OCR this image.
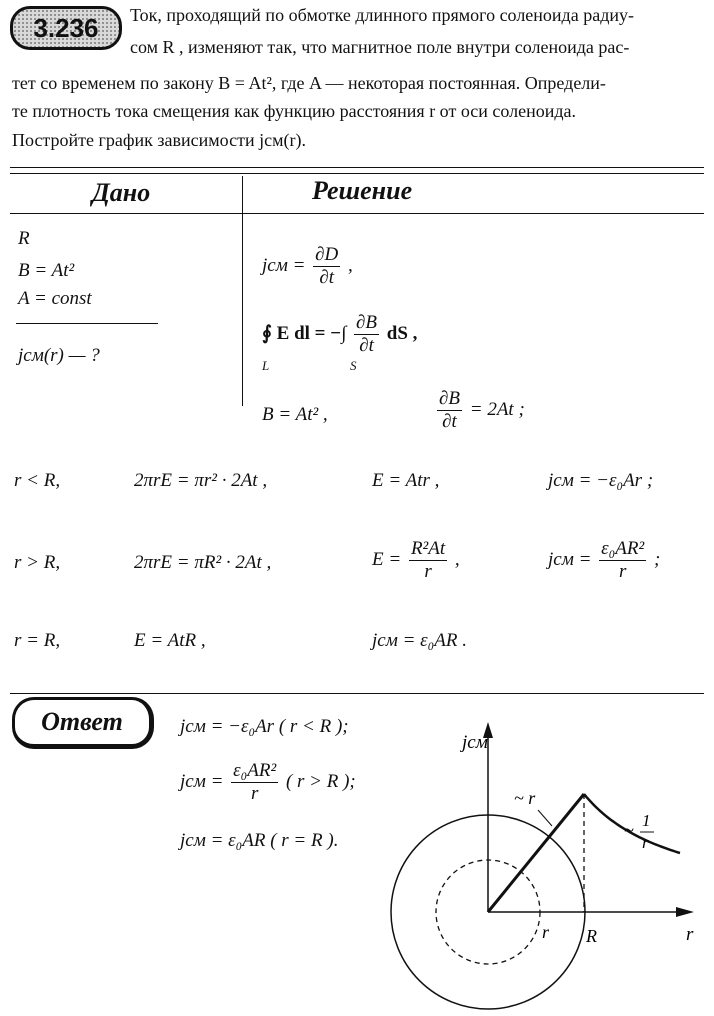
3.236	Ток, проходящий по обмотке длинного прямого соленоида радиу-
сом R , изменяют так, что магнитное поле внутри соленоида рас-
тет со временем по закону B = At², где A — некоторая постоянная. Определи-
те плотность тока смещения как функцию расстояния r от оси соленоида.
Постройте график зависимости jсм(r).
Дано	Решение
R
B = At²
A = const
jсм(r) — ?
jсм = $\frac{\partial D}{\partial t}$ ,
∮ E dl = −∫ $\frac{\partial B}{\partial t}$ dS ,
L	S
B = At² ,	$\frac{\partial B}{\partial t} = 2At$ ;
r < R,	2πrE = πr² · 2At ,	E = Atr ,	jсм = −ε₀Ar ;
r > R,	2πrE = πR² · 2At ,	$E = \frac{\text{R²At}}{r}$ ,	jсм = $\frac{\text{ε₀AR²}}{r}$ ;
r = R,	E = AtR ,	jсм = ε₀AR .
Ответ	jсм = −ε₀Ar ( r < R );
jсм = $\frac{\text{ε₀AR²}}{r}$ ( r > R );
jсм = ε₀AR ( r = R ).
jсм
r
r R
~ r
~ 1
r
